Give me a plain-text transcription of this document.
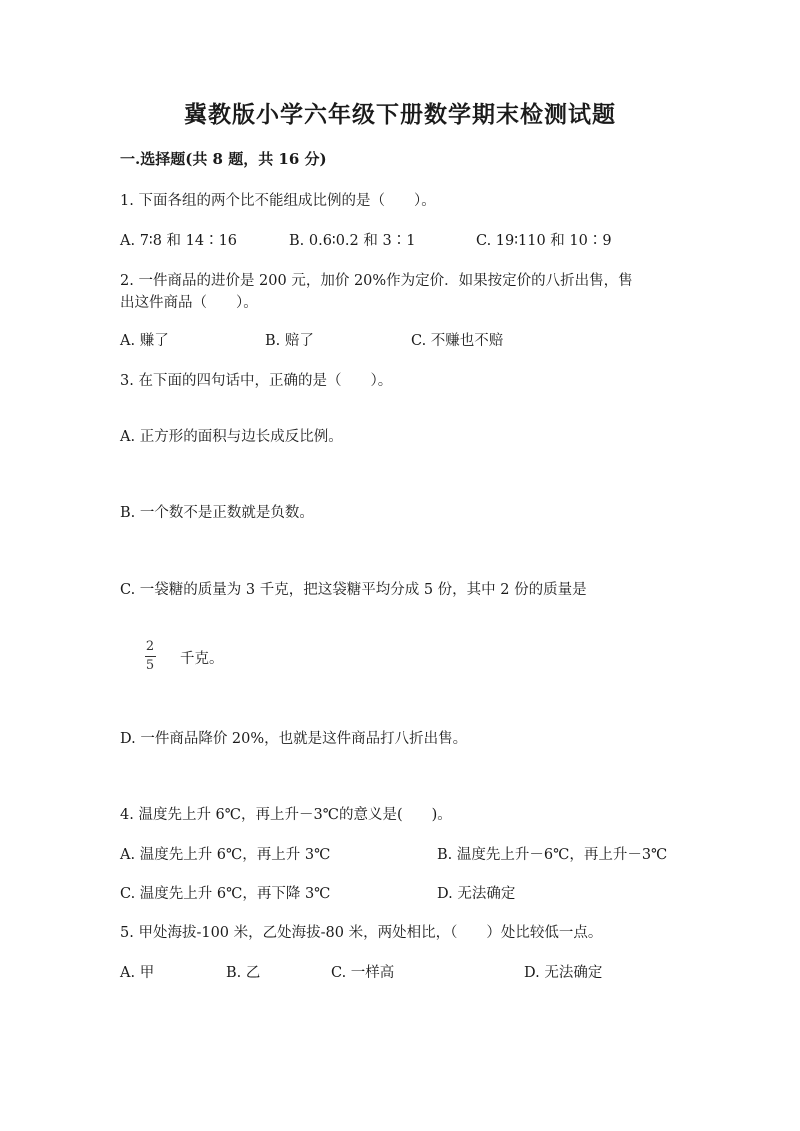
冀教版小学六年级下册数学期末检测试题
一.选择题(共 8 题，共 16 分)
1. 下面各组的两个比不能组成比例的是（　　）。
A. 7∶8 和 14∶16	B. 0.6∶0.2 和 3∶1	C. 19∶110 和 10∶9
2. 一件商品的进价是 200 元，加价 20%作为定价．如果按定价的八折出售，售
出这件商品（　　）。
A. 赚了	B. 赔了	C. 不赚也不赔
3. 在下面的四句话中，正确的是（　　）。
A. 正方形的面积与边长成反比例。
B. 一个数不是正数就是负数。
C. 一袋糖的质量为 3 千克，把这袋糖平均分成 5 份，其中 2 份的质量是
2
5 千克。
D. 一件商品降价 20%，也就是这件商品打八折出售。
4. 温度先上升 6℃，再上升－3℃的意义是(　　)。
A. 温度先上升 6℃，再上升 3℃	B. 温度先上升－6℃，再上升－3℃
C. 温度先上升 6℃，再下降 3℃	D. 无法确定
5. 甲处海拔-100 米，乙处海拔-80 米，两处相比，（　　）处比较低一点。
A. 甲	B. 乙	C. 一样高	D. 无法确定
